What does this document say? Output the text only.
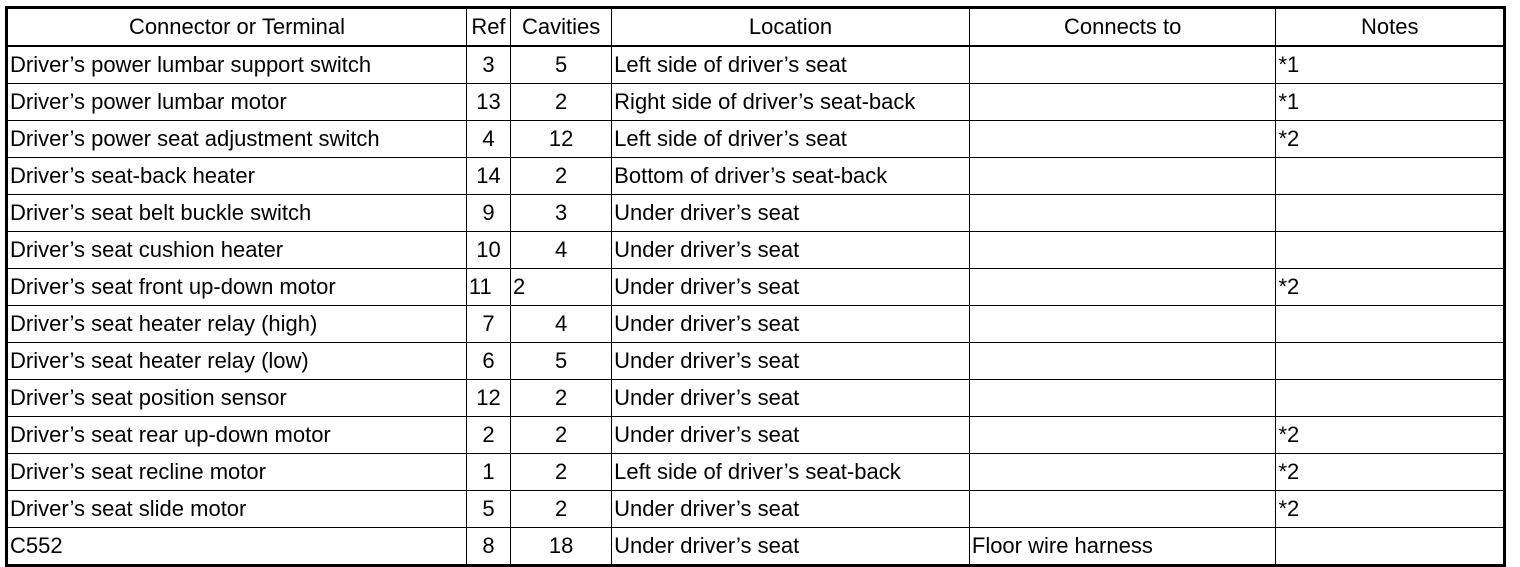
Connector or Terminal	Ref	Cavities	Location	Connects to	Notes
Driver’s power lumbar support switch	3	5	Left side of driver’s seat		*1
Driver’s power lumbar motor	13	2	Right side of driver’s seat-back		*1
Driver’s power seat adjustment switch	4	12	Left side of driver’s seat		*2
Driver’s seat-back heater	14	2	Bottom of driver’s seat-back		
Driver’s seat belt buckle switch	9	3	Under driver’s seat		
Driver’s seat cushion heater	10	4	Under driver’s seat		
Driver’s seat front up-down motor	11	2	Under driver’s seat		*2
Driver’s seat heater relay (high)	7	4	Under driver’s seat		
Driver’s seat heater relay (low)	6	5	Under driver’s seat		
Driver’s seat position sensor	12	2	Under driver’s seat		
Driver’s seat rear up-down motor	2	2	Under driver’s seat		*2
Driver’s seat recline motor	1	2	Left side of driver’s seat-back		*2
Driver’s seat slide motor	5	2	Under driver’s seat		*2
C552	8	18	Under driver’s seat	Floor wire harness	
